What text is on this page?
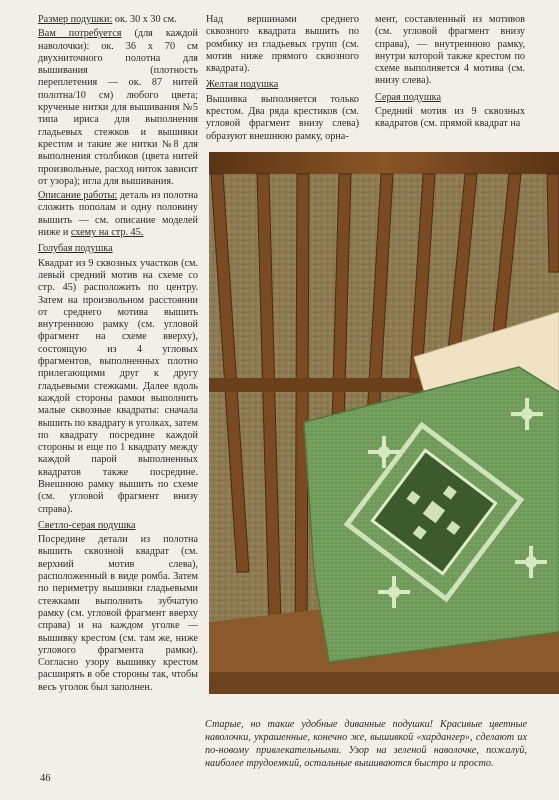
Размер подушки: ок. 30 x 30 см.

Вам потребуется (для каждой наволочки): ок. 36 х 70 см двухниточного полотна для вышивания (плотность переплетения — ок. 87 нитей полотна/10 см) любого цвета; крученые нитки для вышивания №5 типа ириса для выполнения гладьевых стежков и вышивки крестом и такие же нитки №8 для выполнения столбиков (цвета нитей произвольные, расход ниток зависит от узора); игла для вышивания.

Описание работы: деталь из полотна сложить пополам и одну половину вышить — см. описание моделей ниже и схему на стр. 45.

Голубая подушка

Квадрат из 9 сквозных участков (см. левый средний мотив на схеме со стр. 45) расположить по центру. Затем на произвольном расстоянии от среднего мотива вышить внутреннюю рамку (см. угловой фрагмент на схеме вверху), состоящую из 4 угловых фрагментов, выполненных плотно прилегающими друг к другу гладьевыми стежками. Далее вдоль каждой стороны рамки выполнить малые сквозные квадраты: сначала вышить по квадрату в уголках, затем по квадрату посредине каждой стороны и еще по 1 квадрату между каждой парой выполненных квадратов также посредине. Внешнюю рамку вышить по схеме (см. угловой фрагмент внизу справа).

Светло-серая подушка

Посредине детали из полотна вышить сквозной квадрат (см. верхний мотив слева), расположенный в виде ромба. Затем по периметру вышивки гладьевыми стежками выполнить зубчатую рамку (см. угловой фрагмент вверху справа) и на каждом уголке — вышивку крестом (см. там же, ниже углового фрагмента рамки). Согласно узору вышивку крестом расширять в обе стороны так, чтобы весь уголок был заполнен.

Над вершинами среднего сквозного квадрата вышить по ромбику из гладьевых групп (см. мотив ниже прямого сквозного квадрата).

Желтая подушка

Вышивка выполняется только крестом. Два ряда крестиков (см. угловой фрагмент внизу слева) образуют внешнюю рамку, орна-

мент, составленный из мотивов (см. угловой фрагмент внизу справа), — внутреннюю рамку, внутри которой также крестом по схеме выполняется 4 мотива (см. внизу слева).

Серая подушка

Средний мотив из 9 сквозных квадратов (см. прямой квадрат на

Старые, но такие удобные диванные подушки! Красивые цветные наволочки, украшенные, конечно же, вышивкой «хардангер», сделают их по-новому привлекательными. Узор на зеленой наволочке, пожалуй, наиболее трудоемкий, остальные вышиваются быстро и просто.
46
